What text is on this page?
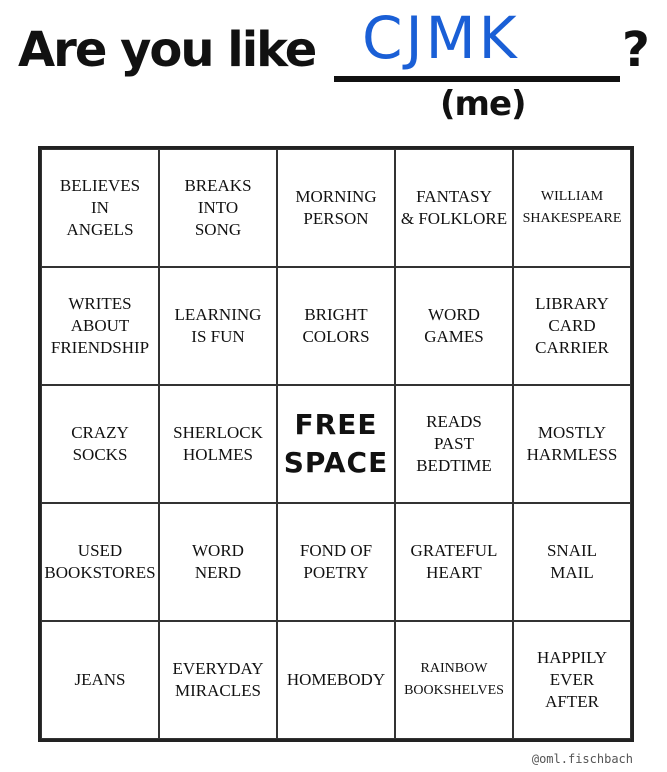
Are you like CJMK ?
(me)
BELIEVES
IN
ANGELS
BREAKS
INTO
SONG
MORNING
PERSON
FANTASY
& FOLKLORE
WILLIAM
SHAKESPEARE
WRITES
ABOUT
FRIENDSHIP
LEARNING
IS FUN
BRIGHT
COLORS
WORD
GAMES
LIBRARY
CARD
CARRIER
CRAZY
SOCKS
SHERLOCK
HOLMES
FREE
SPACE
READS
PAST
BEDTIME
MOSTLY
HARMLESS
USED
BOOKSTORES
WORD
NERD
FOND OF
POETRY
GRATEFUL
HEART
SNAIL
MAIL
JEANS
EVERYDAY
MIRACLES
HOMEBODY
RAINBOW
BOOKSHELVES
HAPPILY
EVER
AFTER
@oml.fischbach
